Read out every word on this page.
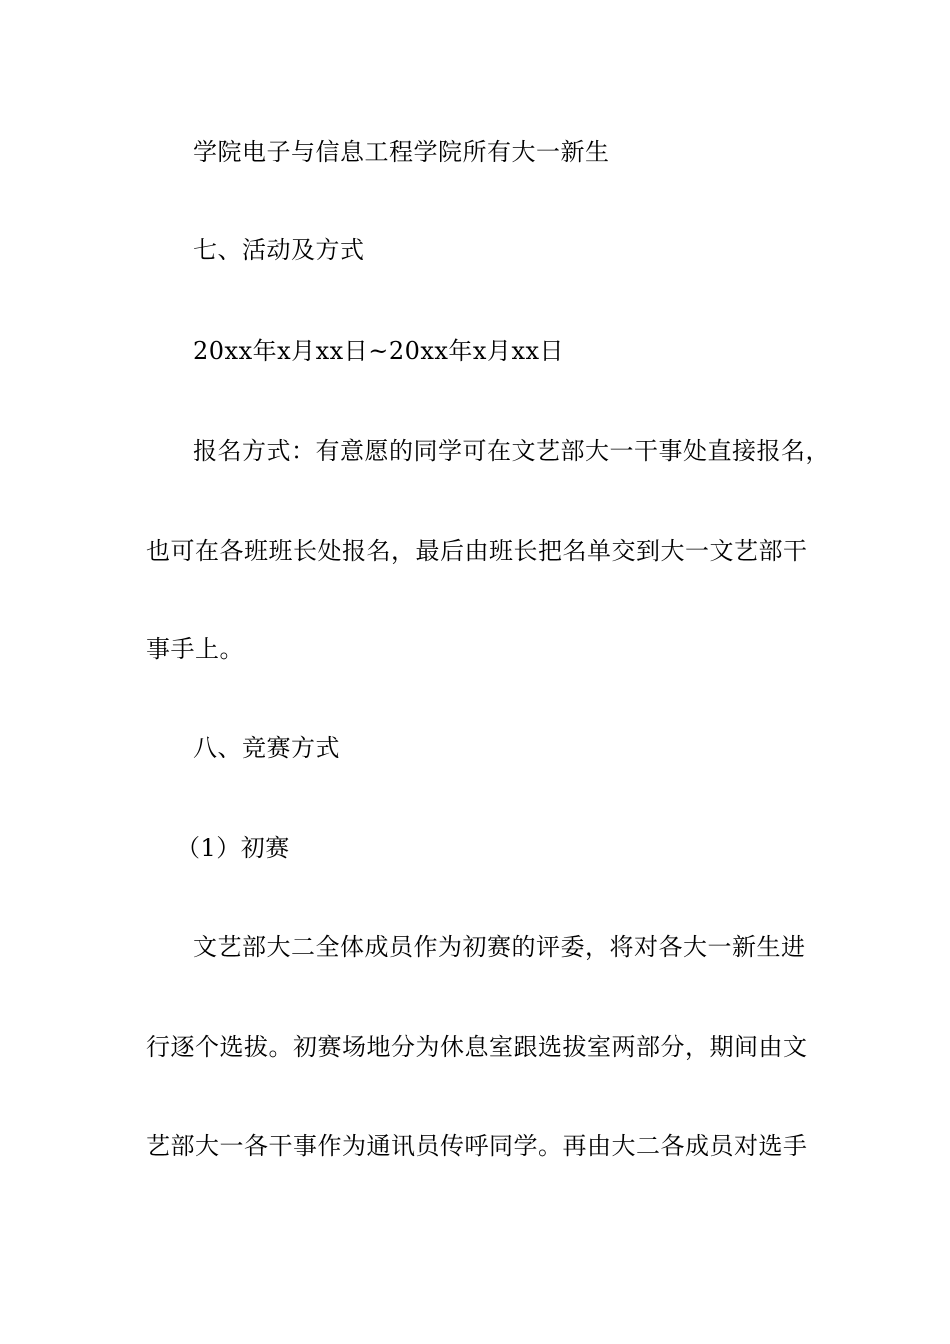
学院电子与信息工程学院所有大一新生
七、活动及方式
20xx年x月xx日~20xx年x月xx日
报名方式：有意愿的同学可在文艺部大一干事处直接报名，
也可在各班班长处报名，最后由班长把名单交到大一文艺部干
事手上。
八、竞赛方式
（1）初赛
文艺部大二全体成员作为初赛的评委，将对各大一新生进
行逐个选拔。初赛场地分为休息室跟选拔室两部分，期间由文
艺部大一各干事作为通讯员传呼同学。再由大二各成员对选手
